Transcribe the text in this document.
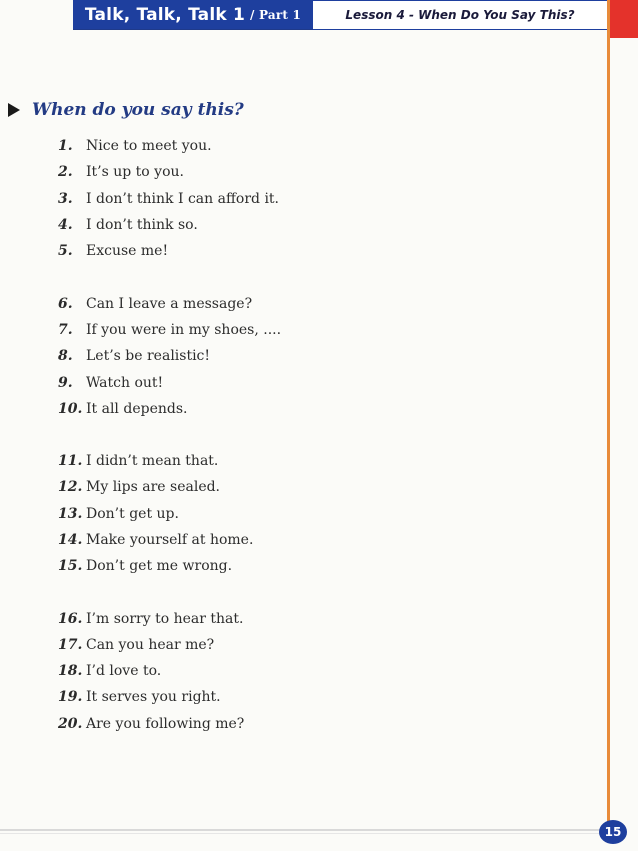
Talk, Talk, Talk 1 / Part 1	Lesson 4 - When Do You Say This?
When do you say this?
1. Nice to meet you.
2. It’s up to you.
3. I don’t think I can afford it.
4. I don’t think so.
5. Excuse me!
6. Can I leave a message?
7. If you were in my shoes, ....
8. Let’s be realistic!
9. Watch out!
10. It all depends.
11. I didn’t mean that.
12. My lips are sealed.
13. Don’t get up.
14. Make yourself at home.
15. Don’t get me wrong.
16. I’m sorry to hear that.
17. Can you hear me?
18. I’d love to.
19. It serves you right.
20. Are you following me?
15
